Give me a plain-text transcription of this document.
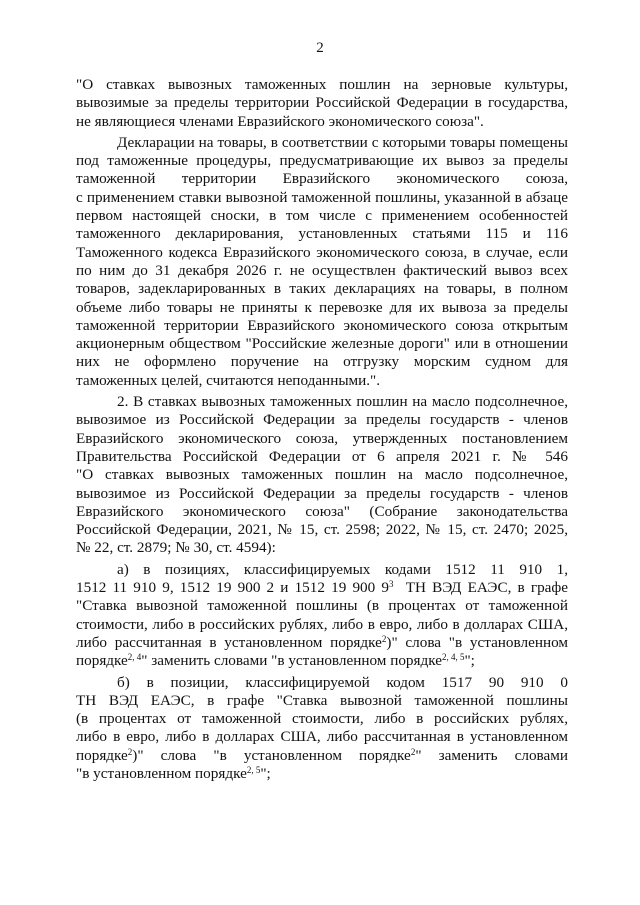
2
"О ставках вывозных таможенных пошлин на зерновые культуры,
вывозимые за пределы территории Российской Федерации в государства,
не являющиеся членами Евразийского экономического союза".
Декларации на товары, в соответствии с которыми товары помещены
под таможенные процедуры, предусматривающие их вывоз за пределы
таможенной территории Евразийского экономического союза,
с применением ставки вывозной таможенной пошлины, указанной в абзаце
первом настоящей сноски, в том числе с применением особенностей
таможенного декларирования, установленных статьями 115 и 116
Таможенного кодекса Евразийского экономического союза, в случае, если
по ним до 31 декабря 2026 г. не осуществлен фактический вывоз всех
товаров, задекларированных в таких декларациях на товары, в полном
объеме либо товары не приняты к перевозке для их вывоза за пределы
таможенной территории Евразийского экономического союза открытым
акционерным обществом "Российские железные дороги" или в отношении
них не оформлено поручение на отгрузку морским судном для
таможенных целей, считаются неподанными.".
2. В ставках вывозных таможенных пошлин на масло подсолнечное,
вывозимое из Российской Федерации за пределы государств - членов
Евразийского экономического союза, утвержденных постановлением
Правительства Российской Федерации от 6 апреля 2021 г. № 546
"О ставках вывозных таможенных пошлин на масло подсолнечное,
вывозимое из Российской Федерации за пределы государств - членов
Евразийского экономического союза" (Собрание законодательства
Российской Федерации, 2021, № 15, ст. 2598; 2022, № 15, ст. 2470; 2025,
№ 22, ст. 2879; № 30, ст. 4594):
а) в позициях, классифицируемых кодами 1512 11 910 1,
1512 11 910 9, 1512 19 900 2 и 1512 19 900 $9^3$ ТН ВЭД ЕАЭС, в графе
"Ставка вывозной таможенной пошлины (в процентах от таможенной
стоимости, либо в российских рублях, либо в евро, либо в долларах США,
либо рассчитанная в установленном порядке$^2$)" слова "в установленном
порядке$^{2, 4}$" заменить словами "в установленном порядке$^{2, 4, 5}$";
б) в позиции, классифицируемой кодом 1517 90 910 0
ТН ВЭД ЕАЭС, в графе "Ставка вывозной таможенной пошлины
(в процентах от таможенной стоимости, либо в российских рублях,
либо в евро, либо в долларах США, либо рассчитанная в установленном
порядке$^2$)" слова "в установленном порядке$^2$" заменить словами
"в установленном порядке$^{2, 5}$";
